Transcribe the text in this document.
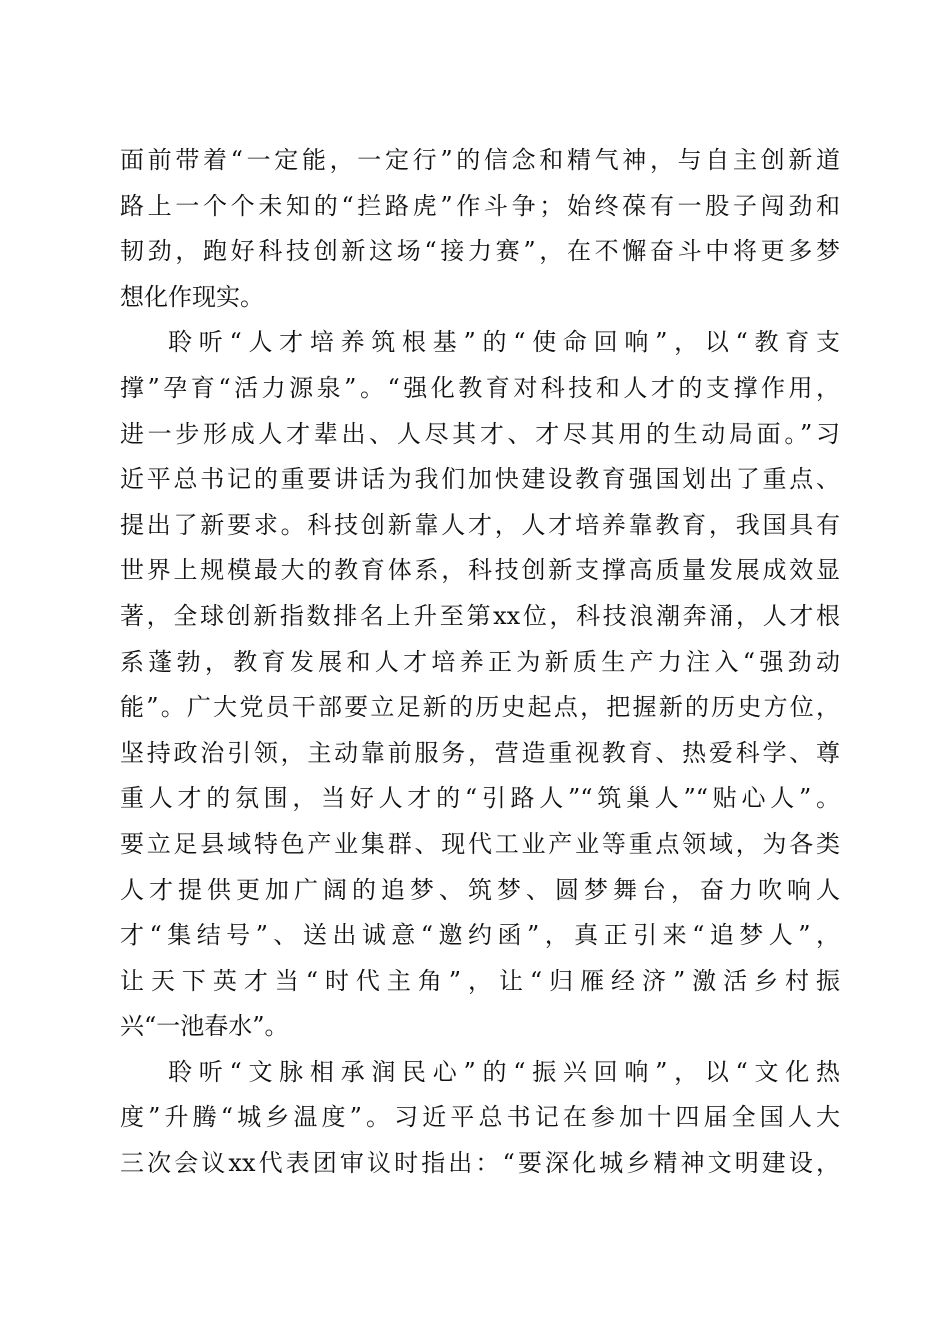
面前带着“一定能，一定行”的信念和精气神，与自主创新道
路上一个个未知的“拦路虎”作斗争；始终葆有一股子闯劲和
韧劲，跑好科技创新这场“接力赛”，在不懈奋斗中将更多梦
想化作现实。
聆听“人才培养筑根基”的“使命回响”，以“教育支
撑”孕育“活力源泉”。“强化教育对科技和人才的支撑作用，
进一步形成人才辈出、人尽其才、才尽其用的生动局面。”习
近平总书记的重要讲话为我们加快建设教育强国划出了重点、
提出了新要求。科技创新靠人才，人才培养靠教育，我国具有
世界上规模最大的教育体系，科技创新支撑高质量发展成效显
著，全球创新指数排名上升至第xx位，科技浪潮奔涌，人才根
系蓬勃，教育发展和人才培养正为新质生产力注入“强劲动
能”。广大党员干部要立足新的历史起点，把握新的历史方位，
坚持政治引领，主动靠前服务，营造重视教育、热爱科学、尊
重人才的氛围，当好人才的“引路人”“筑巢人”“贴心人”。
要立足县域特色产业集群、现代工业产业等重点领域，为各类
人才提供更加广阔的追梦、筑梦、圆梦舞台，奋力吹响人
才“集结号”、送出诚意“邀约函”，真正引来“追梦人”，
让天下英才当“时代主角”，让“归雁经济”激活乡村振
兴“一池春水”。
聆听“文脉相承润民心”的“振兴回响”，以“文化热
度”升腾“城乡温度”。习近平总书记在参加十四届全国人大
三次会议xx代表团审议时指出：“要深化城乡精神文明建设，
